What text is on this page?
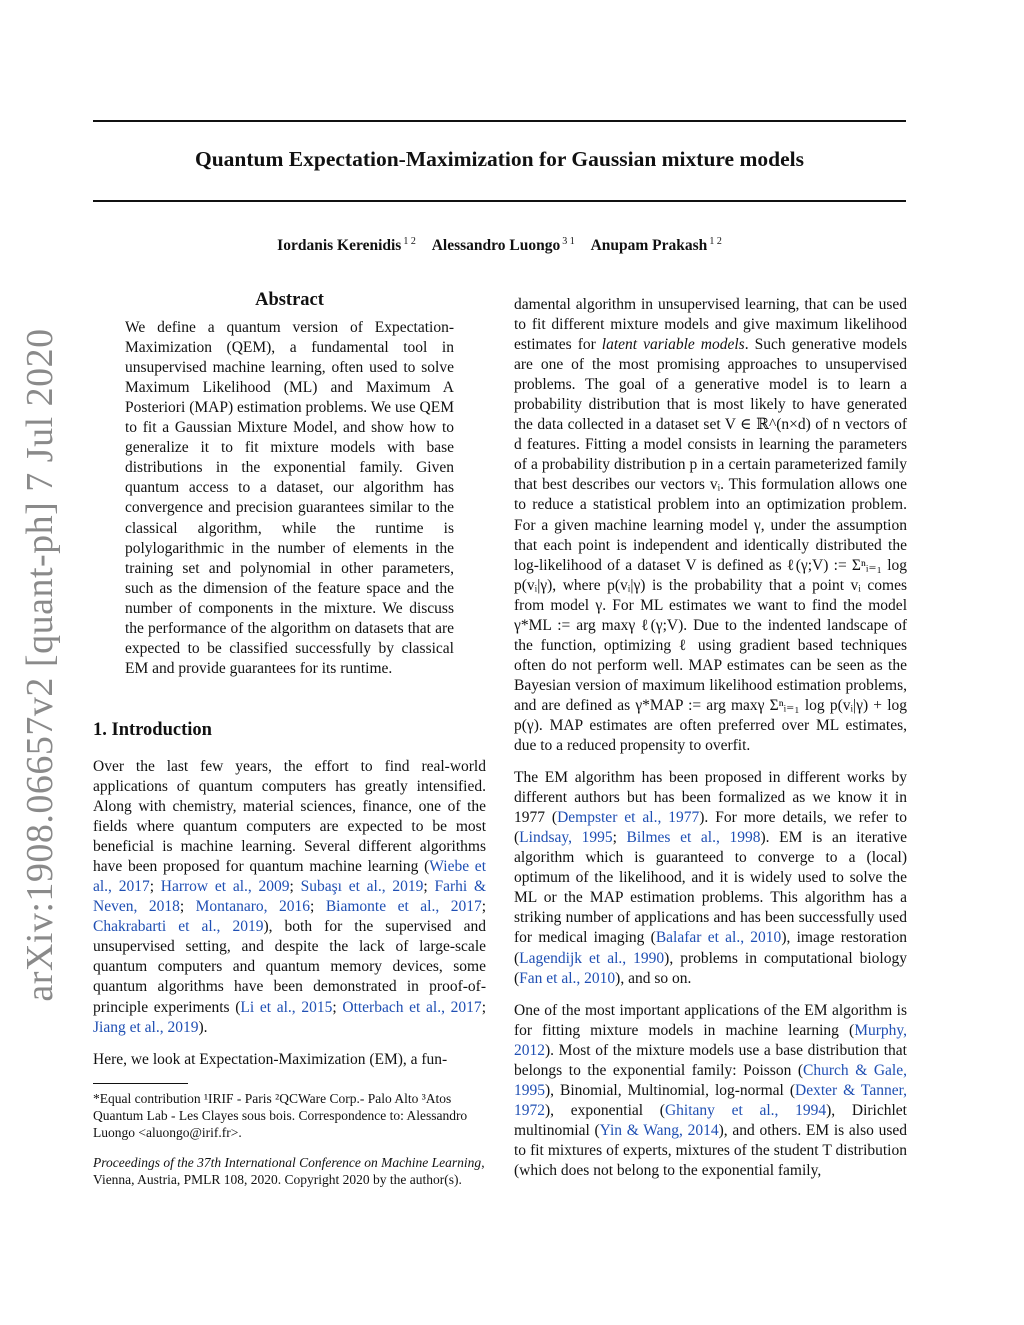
Quantum Expectation-Maximization for Gaussian mixture models
Iordanis Kerenidis $^{1 2}$ Alessandro Luongo $^{3 1}$ Anupam Prakash $^{1 2}$
arXiv:1908.06657v2 [quant-ph] 7 Jul 2020
Abstract

We define a quantum version of Expectation-Maximization (QEM), a fundamental tool in unsupervised machine learning, often used to solve Maximum Likelihood (ML) and Maximum A Posteriori (MAP) estimation problems. We use QEM to fit a Gaussian Mixture Model, and show how to generalize it to fit mixture models with base distributions in the exponential family. Given quantum access to a dataset, our algorithm has convergence and precision guarantees similar to the classical algorithm, while the runtime is polylogarithmic in the number of elements in the training set and polynomial in other parameters, such as the dimension of the feature space and the number of components in the mixture. We discuss the performance of the algorithm on datasets that are expected to be classified successfully by classical EM and provide guarantees for its runtime.

1. Introduction

Over the last few years, the effort to find real-world applications of quantum computers has greatly intensified. Along with chemistry, material sciences, finance, one of the fields where quantum computers are expected to be most beneficial is machine learning. Several different algorithms have been proposed for quantum machine learning (Wiebe et al., 2017; Harrow et al., 2009; Subaşı et al., 2019; Farhi & Neven, 2018; Montanaro, 2016; Biamonte et al., 2017; Chakrabarti et al., 2019), both for the supervised and unsupervised setting, and despite the lack of large-scale quantum computers and quantum memory devices, some quantum algorithms have been demonstrated in proof-of-principle experiments (Li et al., 2015; Otterbach et al., 2017; Jiang et al., 2019).

Here, we look at Expectation-Maximization (EM), a fun-

*Equal contribution ¹IRIF - Paris ²QCWare Corp.- Palo Alto ³Atos Quantum Lab - Les Clayes sous bois. Correspondence to: Alessandro Luongo <aluongo@irif.fr>.

Proceedings of the 37th International Conference on Machine Learning, Vienna, Austria, PMLR 108, 2020. Copyright 2020 by the author(s).

damental algorithm in unsupervised learning, that can be used to fit different mixture models and give maximum likelihood estimates for latent variable models. Such generative models are one of the most promising approaches to unsupervised problems. The goal of a generative model is to learn a probability distribution that is most likely to have generated the data collected in a dataset set V ∈ ℝ^(n×d) of n vectors of d features. Fitting a model consists in learning the parameters of a probability distribution p in a certain parameterized family that best describes our vectors vᵢ. This formulation allows one to reduce a statistical problem into an optimization problem. For a given machine learning model γ, under the assumption that each point is independent and identically distributed the log-likelihood of a dataset V is defined as ℓ(γ;V) := Σⁿᵢ₌₁ log p(vᵢ|γ), where p(vᵢ|γ) is the probability that a point vᵢ comes from model γ. For ML estimates we want to find the model γ*ML := arg maxγ ℓ(γ;V). Due to the indented landscape of the function, optimizing ℓ using gradient based techniques often do not perform well. MAP estimates can be seen as the Bayesian version of maximum likelihood estimation problems, and are defined as γ*MAP := arg maxγ Σⁿᵢ₌₁ log p(vᵢ|γ) + log p(γ). MAP estimates are often preferred over ML estimates, due to a reduced propensity to overfit.

The EM algorithm has been proposed in different works by different authors but has been formalized as we know it in 1977 (Dempster et al., 1977). For more details, we refer to (Lindsay, 1995; Bilmes et al., 1998). EM is an iterative algorithm which is guaranteed to converge to a (local) optimum of the likelihood, and it is widely used to solve the ML or the MAP estimation problems. This algorithm has a striking number of applications and has been successfully used for medical imaging (Balafar et al., 2010), image restoration (Lagendijk et al., 1990), problems in computational biology (Fan et al., 2010), and so on.

One of the most important applications of the EM algorithm is for fitting mixture models in machine learning (Murphy, 2012). Most of the mixture models use a base distribution that belongs to the exponential family: Poisson (Church & Gale, 1995), Binomial, Multinomial, log-normal (Dexter & Tanner, 1972), exponential (Ghitany et al., 1994), Dirichlet multinomial (Yin & Wang, 2014), and others. EM is also used to fit mixtures of experts, mixtures of the student T distribution (which does not belong to the exponential family,
